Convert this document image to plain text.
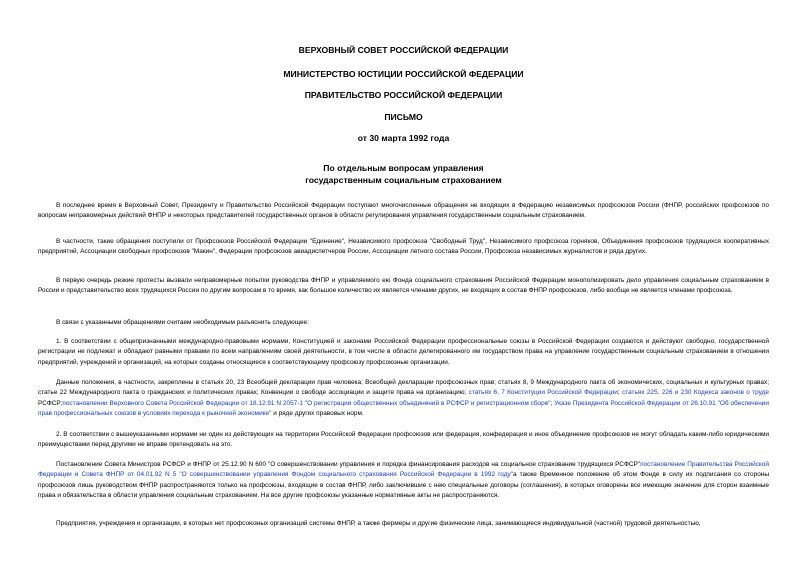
ВЕРХОВНЫЙ СОВЕТ РОССИЙСКОЙ ФЕДЕРАЦИИ
МИНИСТЕРСТВО ЮСТИЦИИ РОССИЙСКОЙ ФЕДЕРАЦИИ
ПРАВИТЕЛЬСТВО РОССИЙСКОЙ ФЕДЕРАЦИИ
ПИСЬМО
от 30 марта 1992 года
По отдельным вопросам управления
государственным социальным страхованием

В последнее время в Верховный Совет, Президенту и Правительство Российской Федерации поступают многочисленные обращения не входящих в Федерацию независимых профсоюзов России (ФНПР, российских профсоюзов по вопросам неправомерных действий ФНПР и некоторых представителей государственных органов в области регулирования управления государственным социальным страхованием.

В частности, такие обращения поступили от Профсоюзов Российской Федерации "Единение", Независимого профсоюза "Свободный Труд", Независимого профсоюза горняков, Объединения профсоюзов трудящихся кооперативных предприятий, Ассоциации свободных профсоюзов "Макин", Федерации профсоюзов авиадиспетчеров России, Ассоциации летного состава России, Профсоюза независимых журналистов и ряда других.

В первую очередь резкие протесты вызвали неправомерные попытки руководства ФНПР и управляемого ею Фонда социального страхования Российской Федерации монополизировать дело управления социальным страхованием в России и представительство всех трудящихся России по другим вопросам в то время, как большое количество их является членами других, не входящих в состав ФНПР профсоюзов, либо вообще не является членами профсоюза.

В связи с указанными обращениями считаем необходимым разъяснить следующее:

1. В соответствии с общепризнанными международно-правовыми нормами, Конституцией и законами Российской Федерации профессиональные союзы в Российской Федерации создаются и действуют свободно, государственной регистрации не подлежат и обладают равными правами по всем направлениям своей деятельности, в том числе в области делегированного им государством права на управление государственным социальным страхованием в отношении предприятий, учреждений и организаций, на которых созданы относящиеся к соответствующему профсоюзу профсоюзные организации.

Данные положения, в частности, закреплены в статьях 20, 23 Всеобщей декларации прав человека; Всеобщей декларации профсоюзных прав; статьях 8, 9 Международного пакта об экономических, социальных и культурных правах; статье 22 Международного пакта о гражданских и политических правах; Конвенции о свободе ассоциации и защите права на организацию; статьях 6, 7 Конституции Российской Федерации; статьях 225, 226 и 230 Кодекса законов о труде РСФСР;постановлении Верховного Совета Российской Федерации от 18.12.91 N 2057-1 "О регистрации общественных объединений в РСФСР и регистрационном сборе"; Указе Президента Российской Федерации от 26.10.91 "Об обеспечении прав профессиональных союзов в условиях перехода к рыночной экономике" и ряде других правовых норм.

2. В соответствии с вышеуказанными нормами ни один из действующих на территории Российской Федерации профсоюзов или федерация, конфедерация и иное объединение профсоюзов не могут обладать каким-либо юридическими преимуществами перед другими не вправе претендовать на это.

Постановление Совета Министров РСФСР и ФНПР от 25.12.90 N 600 "О совершенствовании управления и порядка финансирования расходов на социальное страхование трудящихся РСФСР"постановление Правительства Российской Федерации и Совета ФНПР от 04.01.92 N 5 "О совершенствовании управления Фондом социального страхования Российской Федерации в 1992 году"а также Временное положение об этом Фонде в силу их подписания со стороны профсоюзов лишь руководством ФНПР распространяются только на профсоюзы, входящие в состав ФНПР, либо заключившие с нею специальные договоры (соглашения), в которых оговорены все имеющие значение для сторон взаимные права и обязательства в области управления социальным страхованием. На все другие профсоюзы указанные нормативные акты не распространяются.

Предприятия, учреждения и организации, в которых нет профсоюзных организаций системы ФНПР, а также фермеры и другие физические лица, занимающиеся индивидуальной (частной) трудовой деятельностью,
